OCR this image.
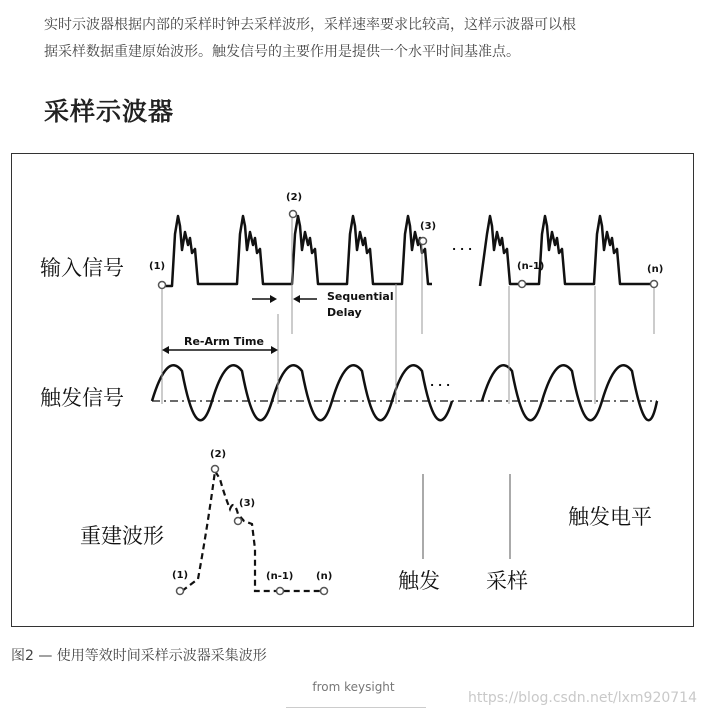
实时示波器根据内部的采样时钟去采样波形，采样速率要求比较高，这样示波器可以根
据采样数据重建原始波形。触发信号的主要作用是提供一个水平时间基准点。

采样示波器
. . .
. . .
(1)
(2)
(3)
(n-1)	(n)
Sequential
Delay
Re-Arm Time
(1)
(2)
(3)
(n-1) (n)
输入信号
触发信号
重建波形
触发 采样
触发电平

图2 — 使用等效时间采样示波器采集波形

from keysight

https://blog.csdn.net/lxm920714
